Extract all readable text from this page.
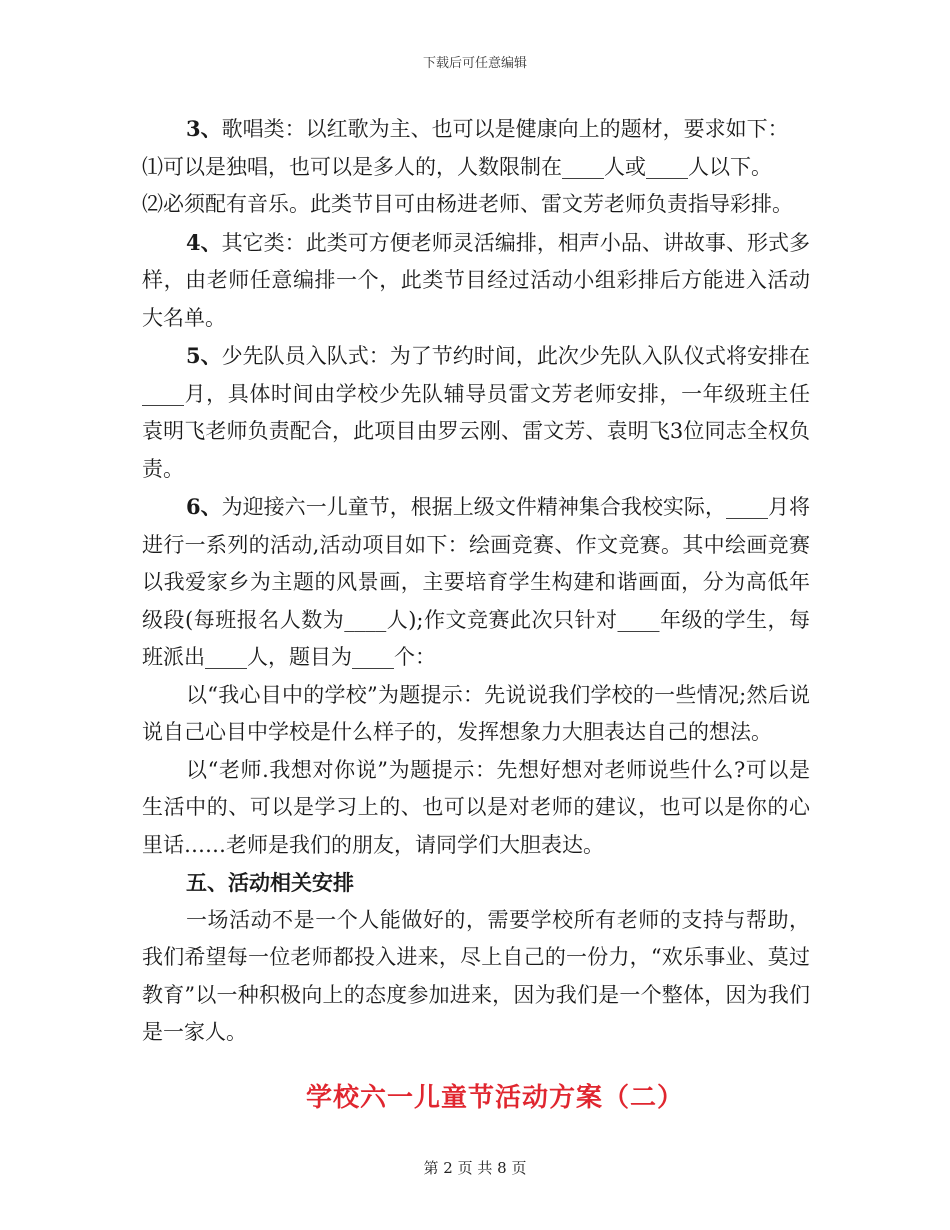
下载后可任意编辑

3、歌唱类：以红歌为主、也可以是健康向上的题材，要求如下：

⑴可以是独唱，也可以是多人的，人数限制在____人或____人以下。

⑵必须配有音乐。此类节目可由杨进老师、雷文芳老师负责指导彩排。

4、其它类：此类可方便老师灵活编排，相声小品、讲故事、形式多样，由老师任意编排一个，此类节目经过活动小组彩排后方能进入活动大名单。

5、少先队员入队式：为了节约时间，此次少先队入队仪式将安排在____月，具体时间由学校少先队辅导员雷文芳老师安排，一年级班主任袁明飞老师负责配合，此项目由罗云刚、雷文芳、袁明飞3位同志全权负责。

6、为迎接六一儿童节，根据上级文件精神集合我校实际，____月将进行一系列的活动,活动项目如下：绘画竞赛、作文竞赛。其中绘画竞赛以我爱家乡为主题的风景画，主要培育学生构建和谐画面，分为高低年级段(每班报名人数为____人);作文竞赛此次只针对____年级的学生，每班派出____人，题目为____个：

以“我心目中的学校”为题提示：先说说我们学校的一些情况;然后说说自己心目中学校是什么样子的，发挥想象力大胆表达自己的想法。

以“老师.我想对你说”为题提示：先想好想对老师说些什么?可以是生活中的、可以是学习上的、也可以是对老师的建议，也可以是你的心里话……老师是我们的朋友，请同学们大胆表达。

五、活动相关安排

一场活动不是一个人能做好的，需要学校所有老师的支持与帮助，我们希望每一位老师都投入进来，尽上自己的一份力，“欢乐事业、莫过教育”以一种积极向上的态度参加进来，因为我们是一个整体，因为我们是一家人。

学校六一儿童节活动方案（二）
第 2 页 共 8 页
